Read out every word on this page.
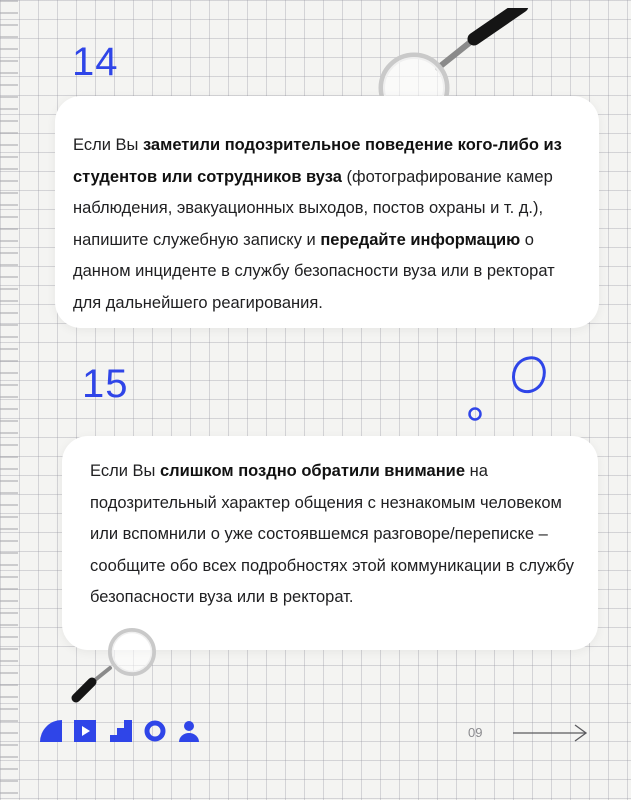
14

Если Вы заметили подозрительное поведение кого-либо из студентов или сотрудников вуза (фотографирование камер наблюдения, эвакуационных выходов, постов охраны и т. д.), напишите служебную записку и передайте информацию о данном инциденте в службу безопасности вуза или в ректорат для дальнейшего реагирования.

15

Если Вы слишком поздно обратили внимание на подозрительный характер общения с незнакомым человеком или вспомнили о уже состоявшемся разговоре/переписке – сообщите обо всех подробностях этой коммуникации в службу безопасности вуза или в ректорат.

09
